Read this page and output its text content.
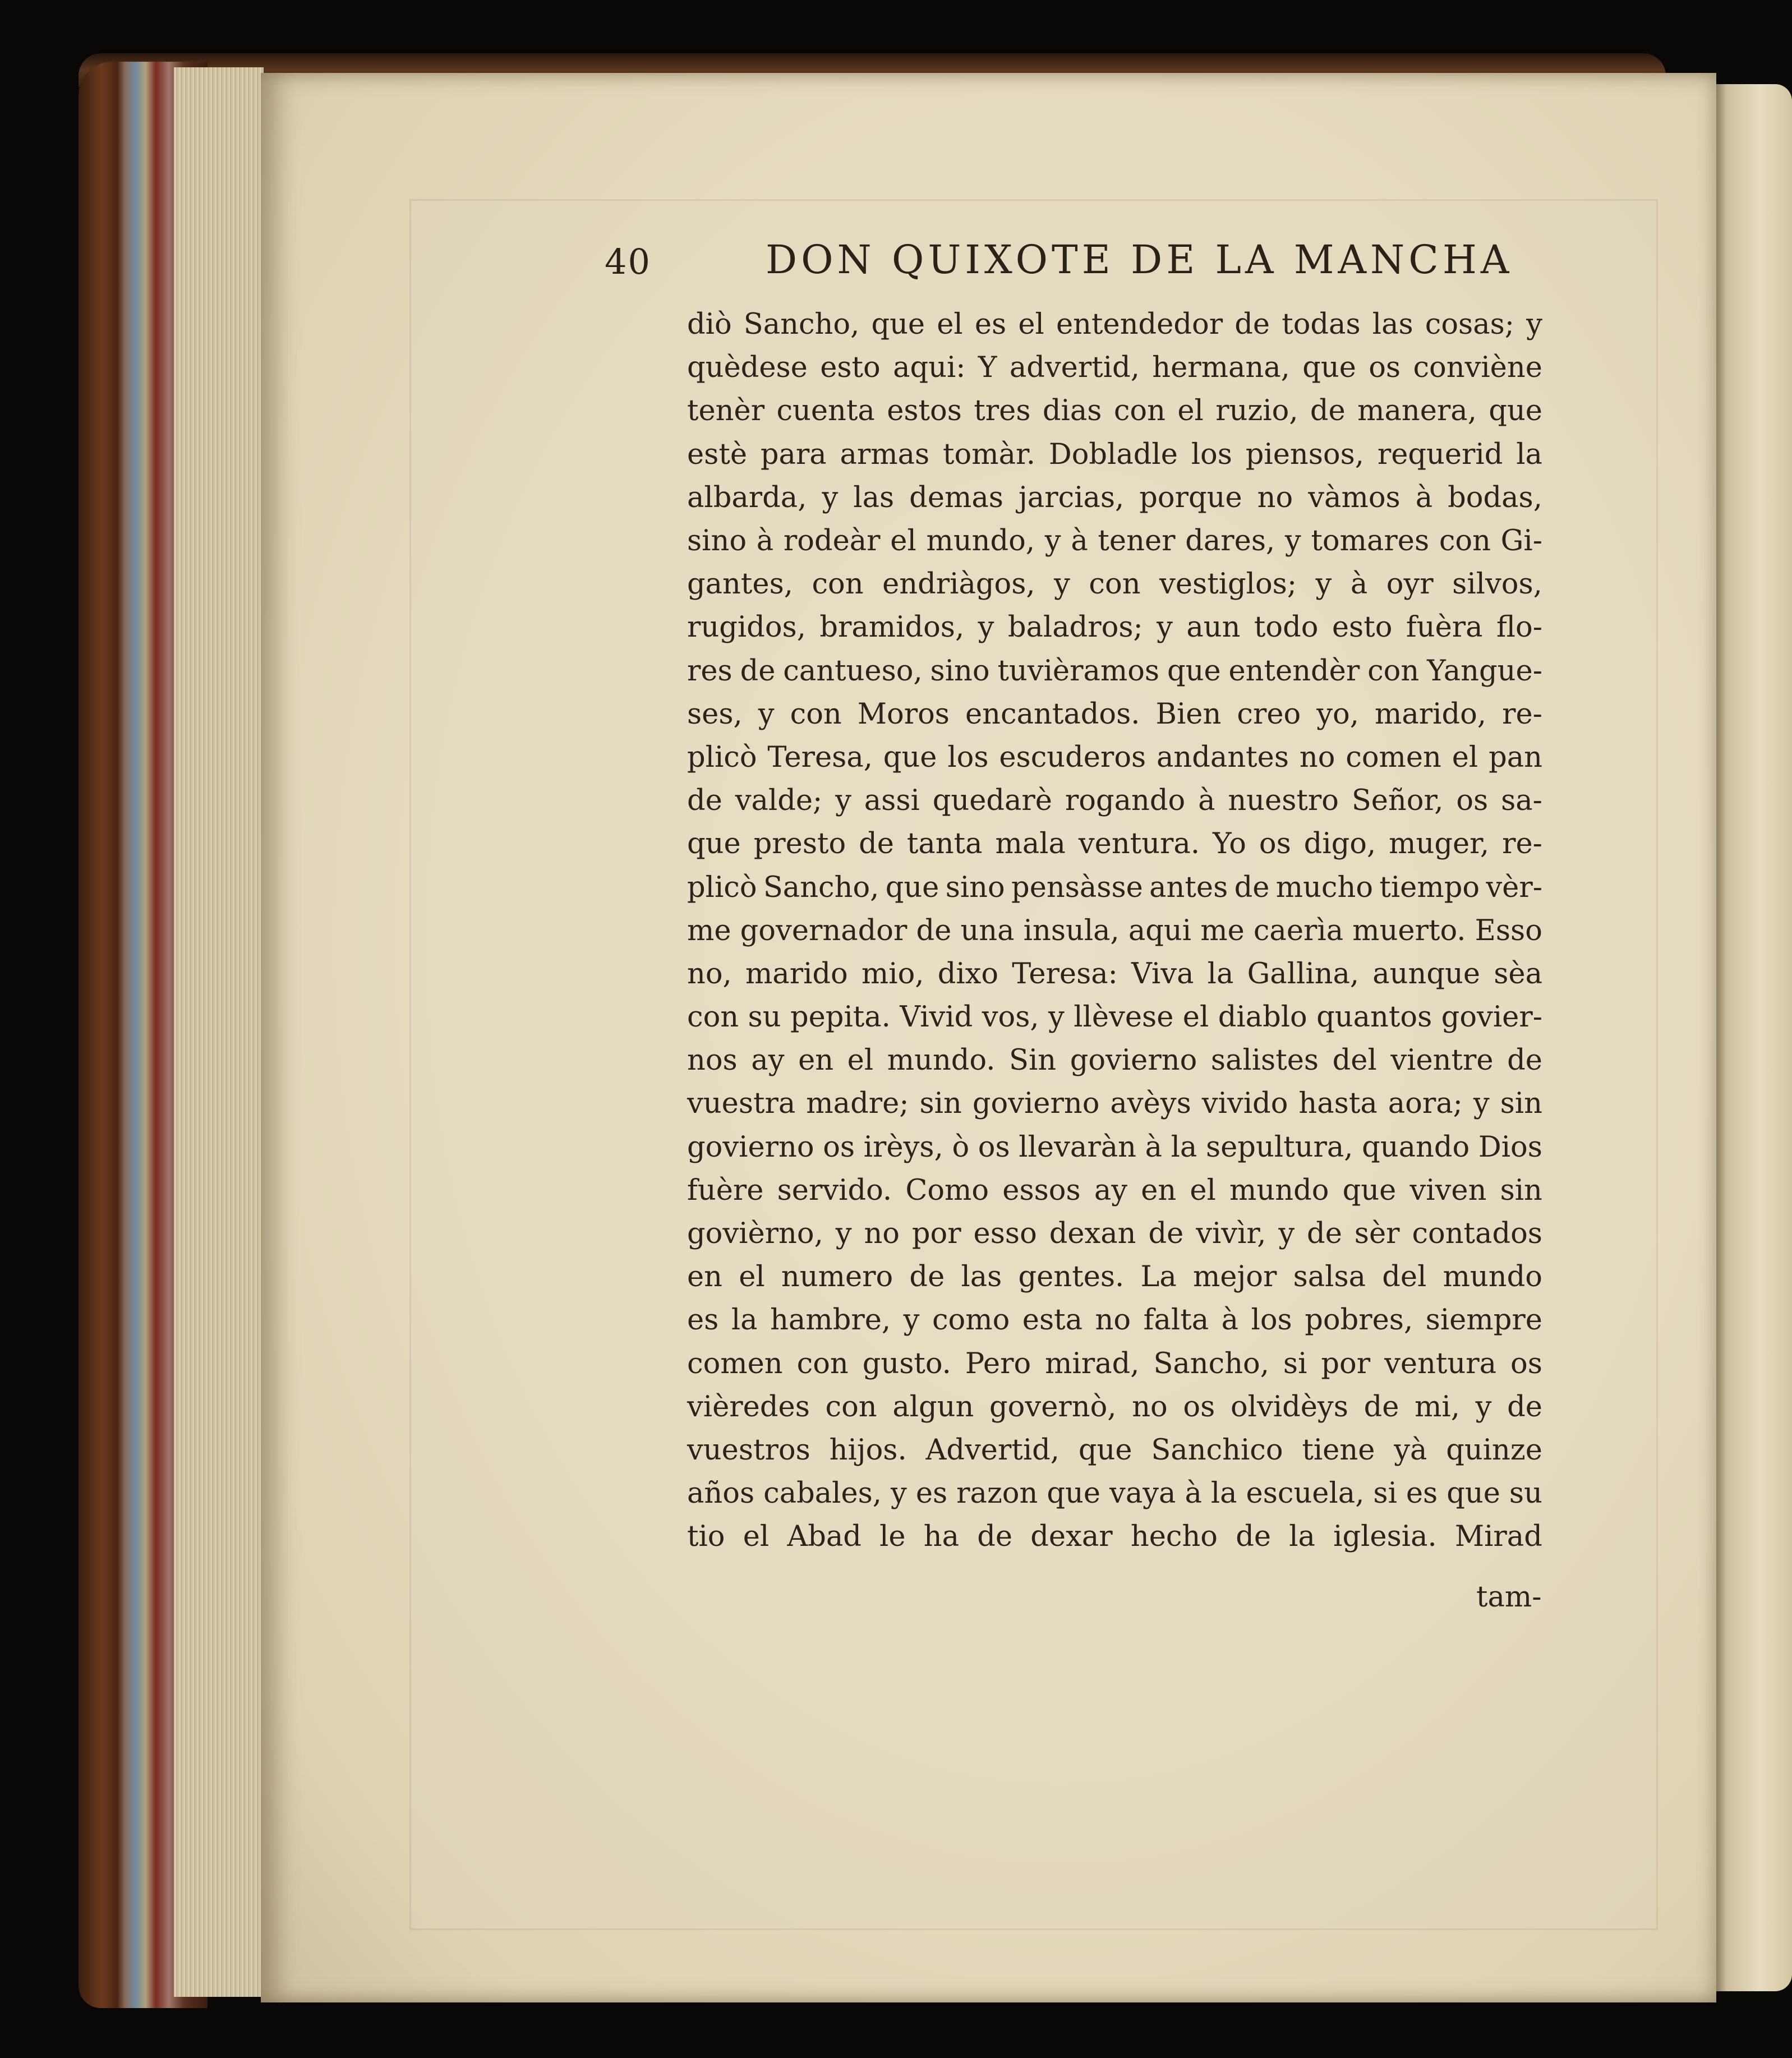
40	DON QUIXOTE DE LA MANCHA
diò Sancho, que el es el entendedor de todas las cosas; y
quèdese esto aqui: Y advertid, hermana, que os conviène
tenèr cuenta estos tres dias con el ruzio, de manera, que
estè para armas tomàr. Dobladle los piensos, requerid la
albarda, y las demas jarcias, porque no vàmos à bodas,
sino à rodeàr el mundo, y à tener dares, y tomares con Gi-
gantes, con endriàgos, y con vestiglos; y à oyr silvos,
rugidos, bramidos, y baladros; y aun todo esto fuèra flo-
res de cantueso, sino tuvièramos que entendèr con Yangue-
ses, y con Moros encantados. Bien creo yo, marido, re-
plicò Teresa, que los escuderos andantes no comen el pan
de valde; y assi quedarè rogando à nuestro Señor, os sa-
que presto de tanta mala ventura. Yo os digo, muger, re-
plicò Sancho, que sino pensàsse antes de mucho tiempo vèr-
me governador de una insula, aqui me caerìa muerto. Esso
no, marido mio, dixo Teresa: Viva la Gallina, aunque sèa
con su pepita. Vivid vos, y llèvese el diablo quantos govier-
nos ay en el mundo. Sin govierno salistes del vientre de
vuestra madre; sin govierno avèys vivido hasta aora; y sin
govierno os irèys, ò os llevaràn à la sepultura, quando Dios
fuère servido. Como essos ay en el mundo que viven sin
govièrno, y no por esso dexan de vivìr, y de sèr contados
en el numero de las gentes. La mejor salsa del mundo
es la hambre, y como esta no falta à los pobres, siempre
comen con gusto. Pero mirad, Sancho, si por ventura os
vièredes con algun governò, no os olvidèys de mi, y de
vuestros hijos. Advertid, que Sanchico tiene yà quinze
años cabales, y es razon que vaya à la escuela, si es que su
tio el Abad le ha de dexar hecho de la iglesia. Mirad
tam-
